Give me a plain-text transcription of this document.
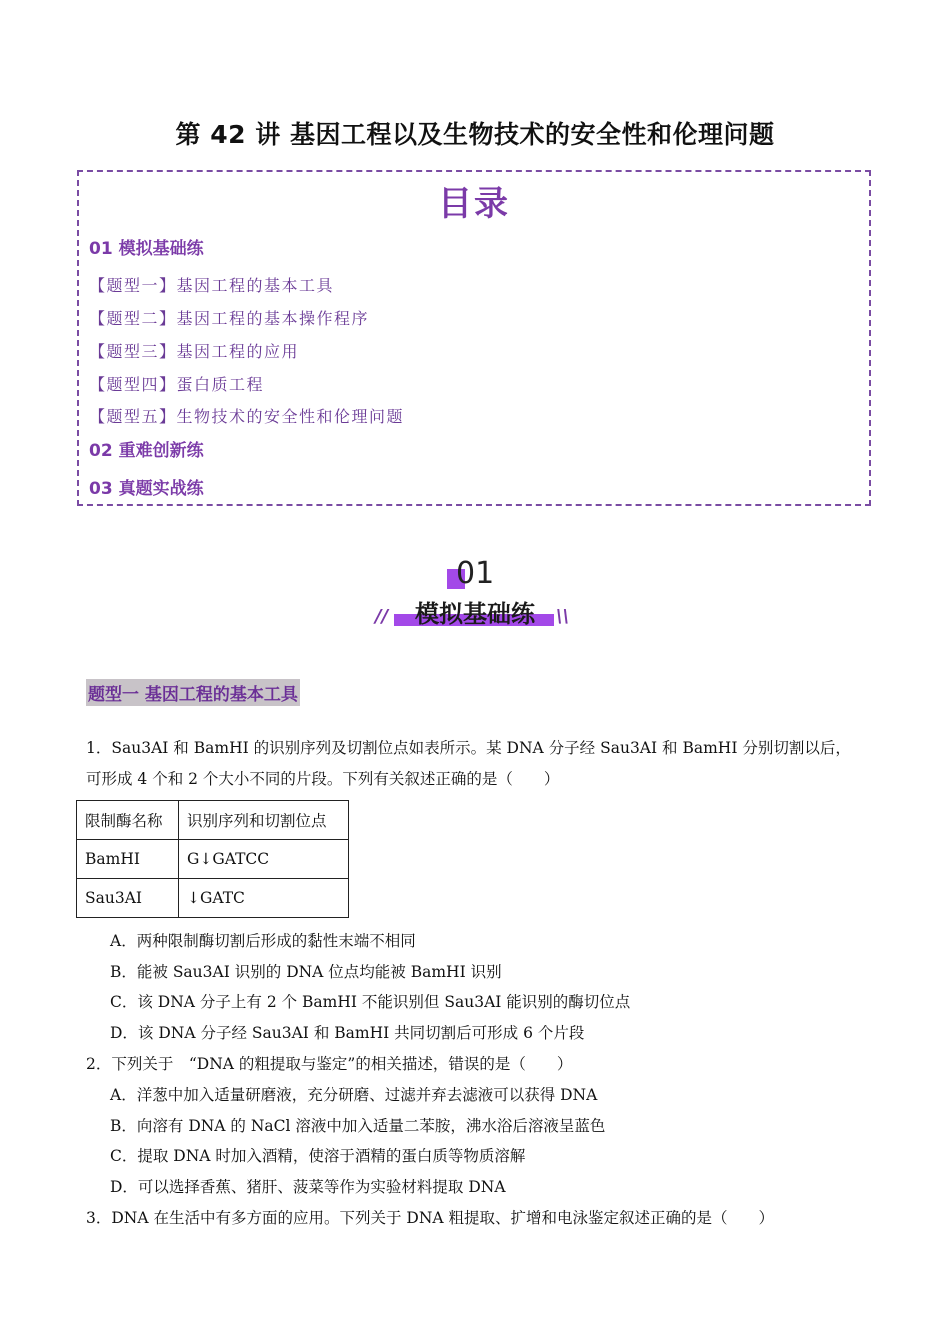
第 42 讲 基因工程以及生物技术的安全性和伦理问题
目录
01 模拟基础练
【题型一】基因工程的基本工具
【题型二】基因工程的基本操作程序
【题型三】基因工程的应用
【题型四】蛋白质工程
【题型五】生物技术的安全性和伦理问题
02 重难创新练
03 真题实战练
01
//	模拟基础练	\\
题型一 基因工程的基本工具
1．Sau3AI 和 BamHI 的识别序列及切割位点如表所示。某 DNA 分子经 Sau3AI 和 BamHI 分别切割以后，
可形成 4 个和 2 个大小不同的片段。下列有关叙述正确的是（　　）
限制酶名称	识别序列和切割位点
BamHI	G↓GATCC
Sau3AI	↓GATC
A．两种限制酶切割后形成的黏性末端不相同
B．能被 Sau3AI 识别的 DNA 位点均能被 BamHI 识别
C．该 DNA 分子上有 2 个 BamHI 不能识别但 Sau3AI 能识别的酶切位点
D．该 DNA 分子经 Sau3AI 和 BamHI 共同切割后可形成 6 个片段
2．下列关于　“DNA 的粗提取与鉴定”的相关描述，错误的是（　　）
A．洋葱中加入适量研磨液，充分研磨、过滤并弃去滤液可以获得 DNA
B．向溶有 DNA 的 NaCl 溶液中加入适量二苯胺，沸水浴后溶液呈蓝色
C．提取 DNA 时加入酒精，使溶于酒精的蛋白质等物质溶解
D．可以选择香蕉、猪肝、菠菜等作为实验材料提取 DNA
3．DNA 在生活中有多方面的应用。下列关于 DNA 粗提取、扩增和电泳鉴定叙述正确的是（　　）
